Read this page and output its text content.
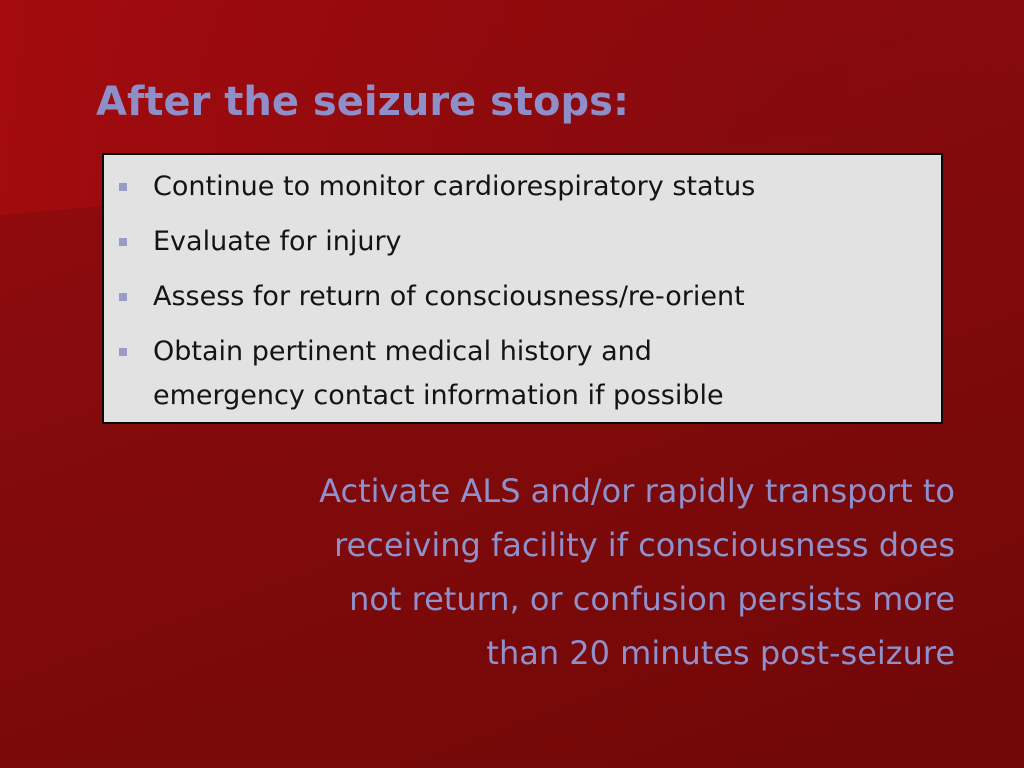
After the seizure stops:
Continue to monitor cardiorespiratory status
Evaluate for injury
Assess for return of consciousness/re-orient
Obtain pertinent medical history and
emergency contact information if possible

Activate ALS and/or rapidly transport to
receiving facility if consciousness does
not return, or confusion persists more
than 20 minutes post-seizure
